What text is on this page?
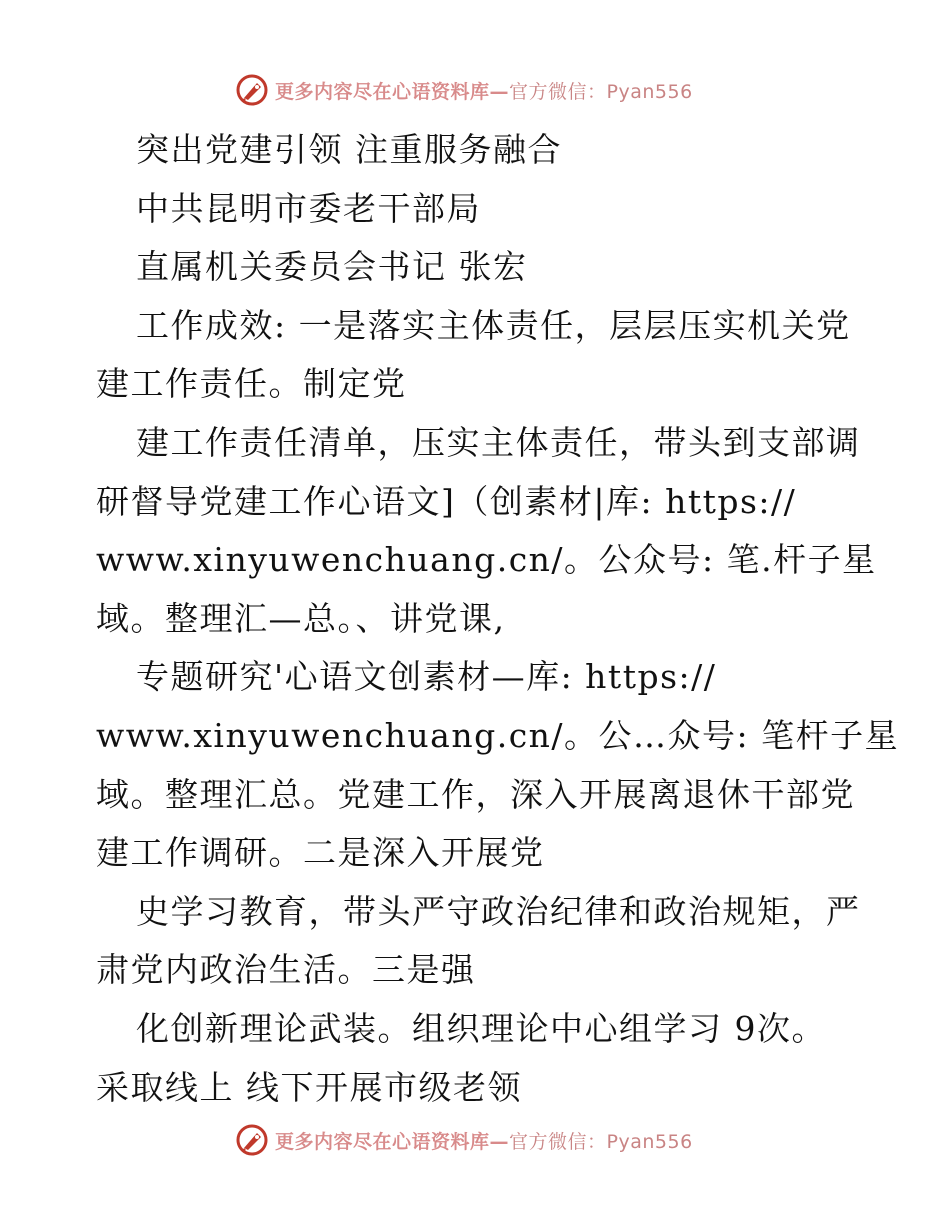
更多内容尽在心语资料库—官方微信：Pyan556
突出党建引领 注重服务融合
中共昆明市委老干部局
直属机关委员会书记 张宏
工作成效: 一是落实主体责任，层层压实机关党
建工作责任。制定党
建工作责任清单，压实主体责任，带头到支部调
研督导党建工作心语文]（创素材|库: https://
www.xinyuwenchuang.cn/。公众号: 笔.杆子星
域。整理汇—总。、讲党课,
专题研究'心语文创素材—库: https://
www.xinyuwenchuang.cn/。公…众号: 笔杆子星
域。整理汇总。党建工作，深入开展离退休干部党
建工作调研。二是深入开展党
史学习教育，带头严守政治纪律和政治规矩，严
肃党内政治生活。三是强
化创新理论武装。组织理论中心组学习 9次。
采取线上 线下开展市级老领
更多内容尽在心语资料库—官方微信：Pyan556
